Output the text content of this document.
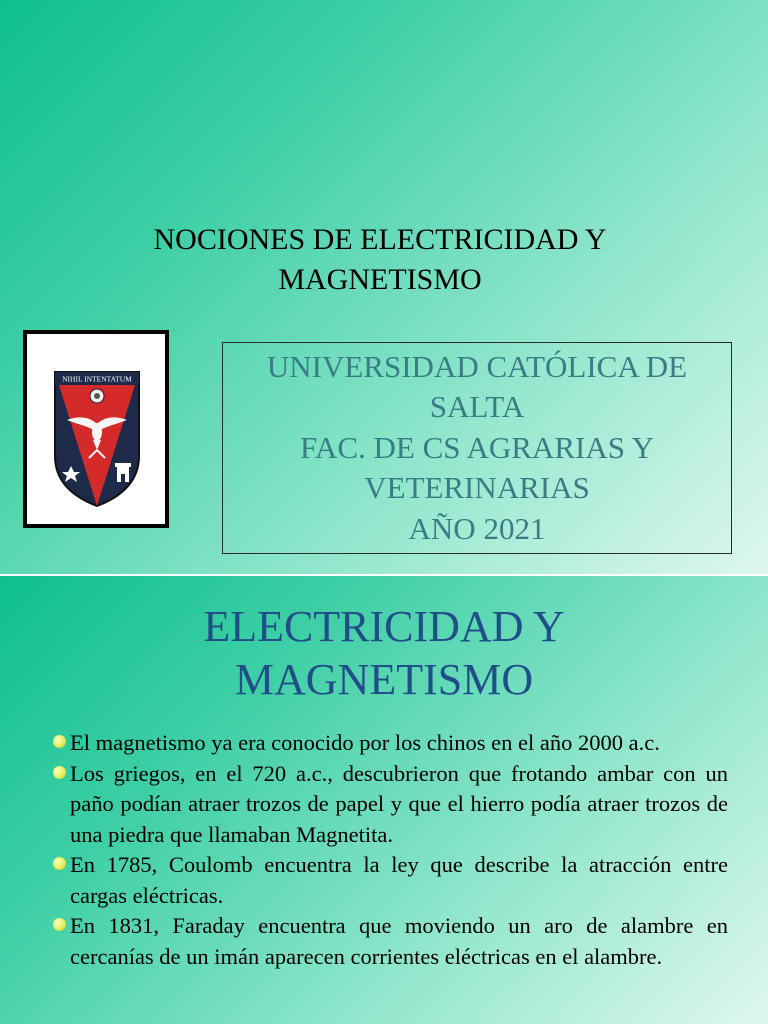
NOCIONES DE ELECTRICIDAD Y
MAGNETISMO
NIHIL INTENTATUM	UNIVERSIDAD CATÓLICA DE
SALTA
FAC. DE CS AGRARIAS Y
VETERINARIAS
AÑO 2021
ELECTRICIDAD Y
MAGNETISMO
El magnetismo ya era conocido por los chinos en el año 2000 a.c.
Los griegos, en el 720 a.c., descubrieron que frotando ambar con un paño podían atraer trozos de papel y que el hierro podía atraer trozos de una piedra que llamaban Magnetita.
En 1785, Coulomb encuentra la ley que describe la atracción entre cargas eléctricas.
En 1831, Faraday encuentra que moviendo un aro de alambre en cercanías de un imán aparecen corrientes eléctricas en el alambre.
